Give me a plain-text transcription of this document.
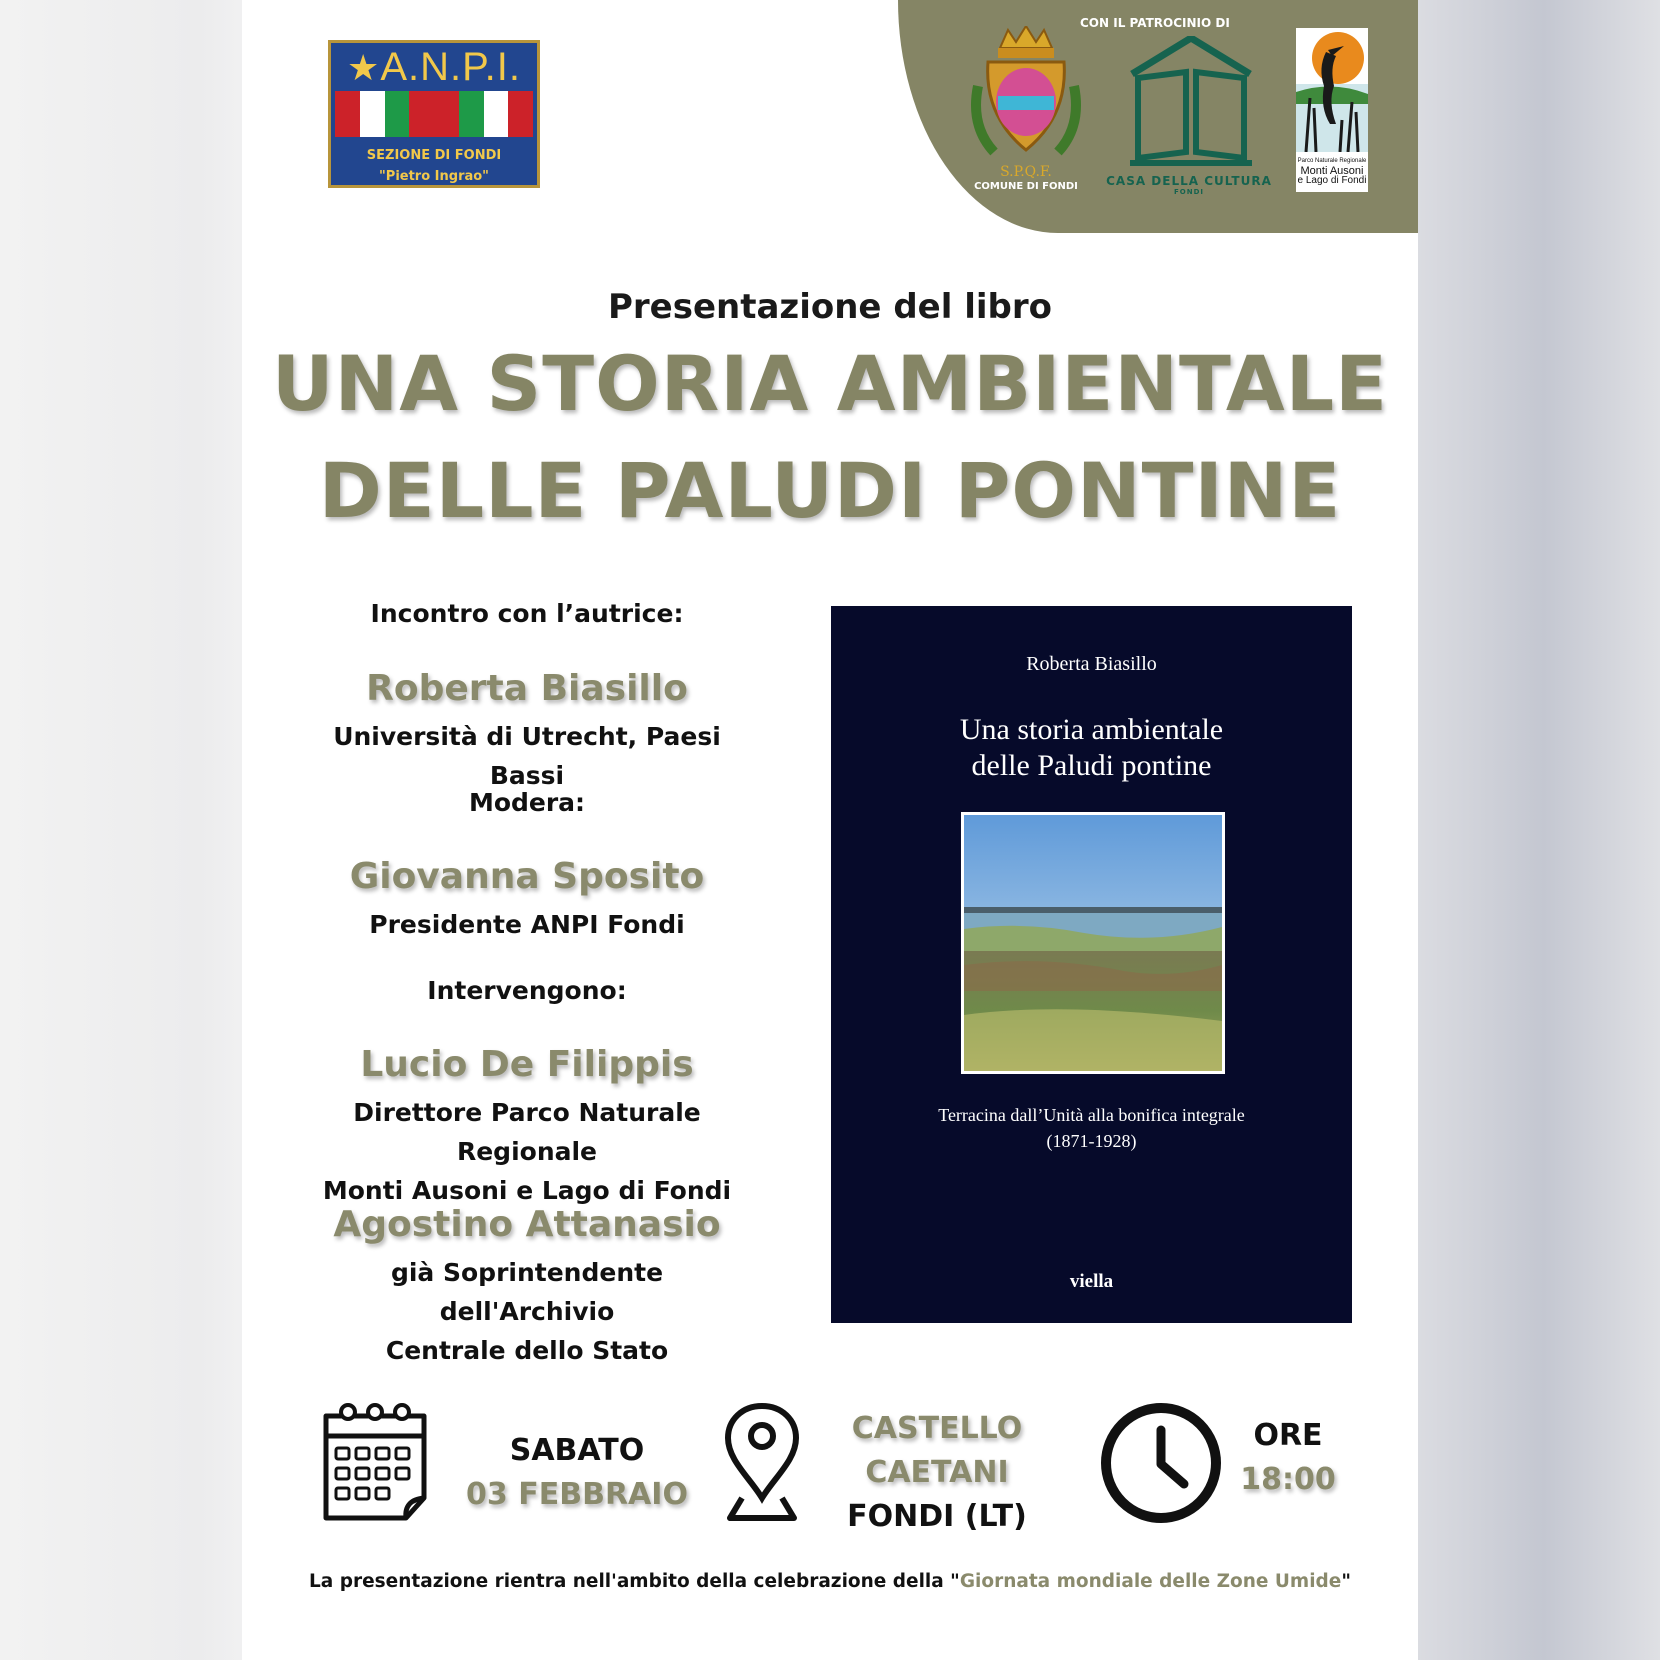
★A.N.P.I.
SEZIONE DI FONDI
"Pietro Ingrao"
CON IL PATROCINIO DI
S.P.Q.F.
COMUNE DI FONDI	CASA DELLA CULTURA
FONDI
Parco Naturale Regionale
Monti Ausoni
e Lago di Fondi
Presentazione del libro
UNA STORIA AMBIENTALE
DELLE PALUDI PONTINE
Incontro con l’autrice:
Roberta Biasillo
Università di Utrecht, Paesi Bassi
Modera:
Giovanna Sposito
Presidente ANPI Fondi
Intervengono:
Lucio De Filippis
Direttore Parco Naturale Regionale
Monti Ausoni e Lago di Fondi
Agostino Attanasio
già Soprintendente dell'Archivio
Centrale dello Stato
Roberta Biasillo
Una storia ambientale
delle Paludi pontine
Terracina dall’Unità alla bonifica integrale
(1871-1928)
viella
SABATO
03 FEBBRAIO
CASTELLO
CAETANI
FONDI (LT)
ORE
18:00
La presentazione rientra nell'ambito della celebrazione della "Giornata mondiale delle Zone Umide"
